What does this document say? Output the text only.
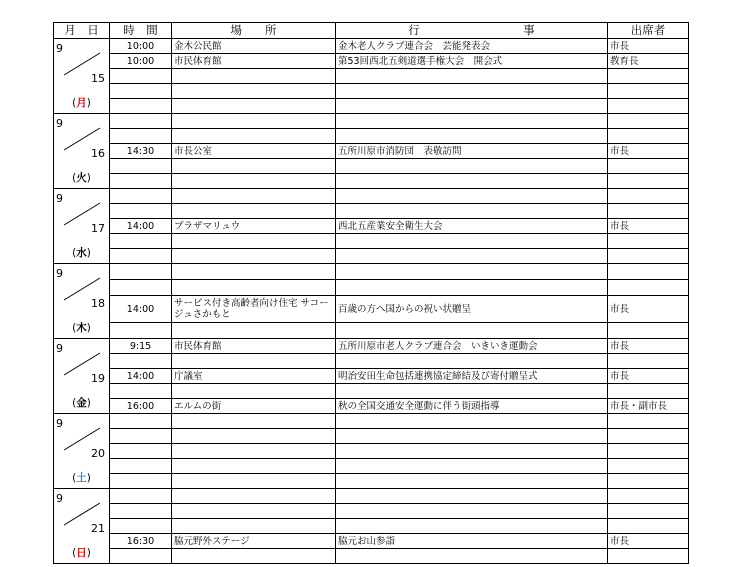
月　日	時　間	場　　所	行　　　　　　　　　事	出席者

9
15
(月)	10:00	金木公民館	金木老人クラブ連合会　芸能発表会	市長
	10:00	市民体育館	第53回西北五剣道選手権大会　開会式	教育長

9
16
(火)				

	14:30	市長公室	五所川原市消防団　表敬訪問	市長

9
17
(水)				

	14:00	プラザマリュウ	西北五産業安全衛生大会	市長

9
18
(木)				

	14:00	サービス付き高齢者向け住宅 サコージュさかもと	百歳の方へ国からの祝い状贈呈	市長

9
19
(金)	9:15	市民体育館	五所川原市老人クラブ連合会　いきいき運動会	市長

	14:00	庁議室	明治安田生命包括連携協定締結及び寄付贈呈式	市長

	16:00	エルムの街	秋の全国交通安全運動に伴う街頭指導	市長・副市長

9
20
(土)				

9
21
(日)				

	16:30	脇元野外ステージ	脇元お山参詣	市長
